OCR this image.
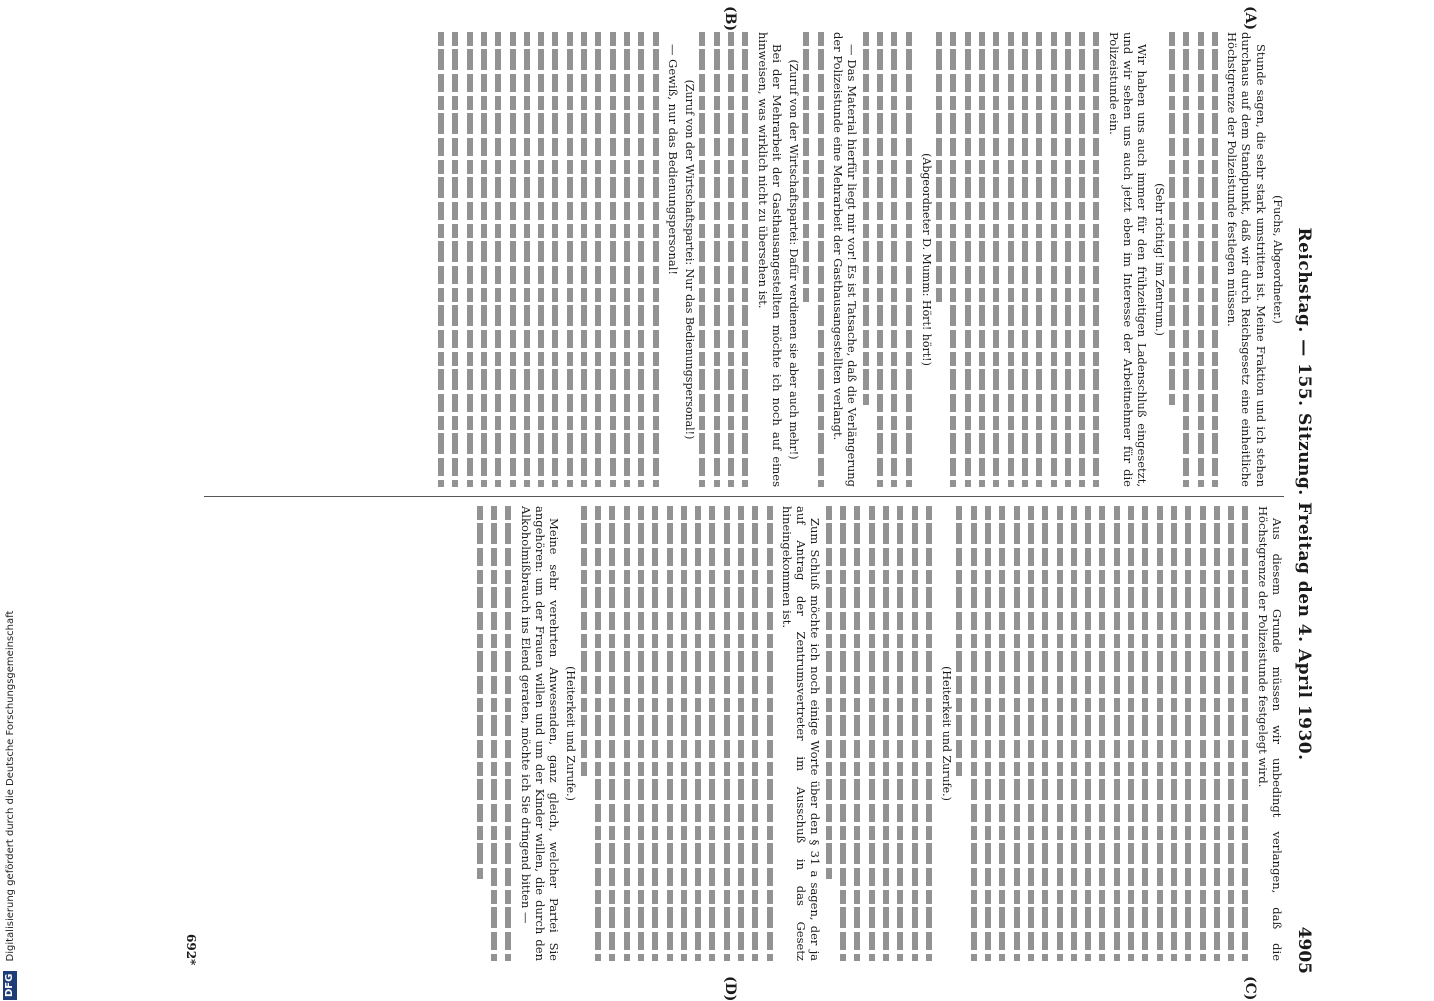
DFG Digitalisierung gefördert durch die Deutsche Forschungsgemeinschaft
Reichstag. — 155. Sitzung. Freitag den 4. April 1930.
4905
(A)
(B)
(C)
(D)

(Fuchs, Abgeordneter.)

Stunde sagen, die sehr stark umstritten ist. Meine Fraktion und ich stehen durchaus auf dem Standpunkt, daß wir durch Reichsgesetz eine einheitliche Höchstgrenze der Polizeistunde festlegen müssen.

(Sehr richtig! im Zentrum.)

Wir haben uns auch immer für den frühzeitigen Ladenschluß eingesetzt, und wir sehen uns auch jetzt eben im Interesse der Arbeitnehmer für die Polizeistunde ein.

(Abgeordneter D. Mumm: Hört! hört!)

— Das Material hierfür liegt mir vor! Es ist Tatsache, daß die Verlängerung der Polizeistunde eine Mehrarbeit der Gasthausangestellten verlangt.

(Zuruf von der Wirtschaftspartei: Dafür verdienen sie aber auch mehr!)

Bei der Mehrarbeit der Gasthausangestellten möchte ich noch auf eines hinweisen, was wirklich nicht zu übersehen ist.

(Zuruf von der Wirtschaftspartei: Nur das Bedienungspersonal!)

— Gewiß, nur das Bedienungspersonal!

Aus diesem Grunde müssen wir unbedingt verlangen, daß die Höchstgrenze der Polizeistunde festgelegt wird.

(Heiterkeit und Zurufe.)

Zum Schluß möchte ich noch einige Worte über den § 31 a sagen, der ja auf Antrag der Zentrumsvertreter im Ausschuß in das Gesetz hineingekommen ist.

(Heiterkeit und Zurufe.)

Meine sehr verehrten Anwesenden, ganz gleich, welcher Partei Sie angehören: um der Frauen willen und um der Kinder willen, die durch den Alkoholmißbrauch ins Elend geraten, möchte ich Sie dringend bitten —

692*
